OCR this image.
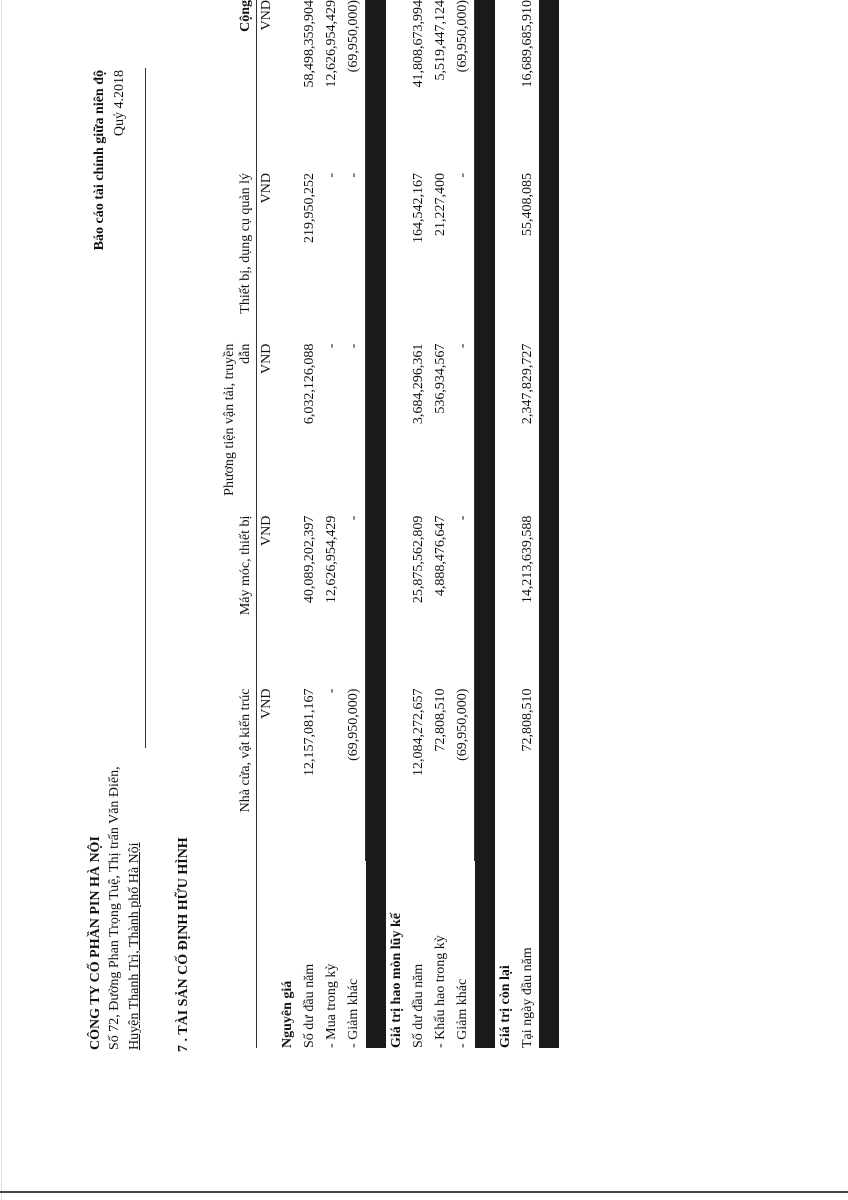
CÔNG TY CỔ PHẦN PIN HÀ NỘI Số 72, Đường Phan Trọng Tuệ, Thị trấn Văn Điển, Huyện Thanh Trì, Thành phố Hà Nội
Báo cáo tài chính giữa niên độ Quý 4.2018
7 . TÀI SẢN CỐ ĐỊNH HỮU HÌNH
	Nhà cửa, vật kiến trúc	Máy móc, thiết bị	Phương tiện vận tải, truyền dẫn	Thiết bị, dụng cụ quản lý	Cộng
	VND	VND	VND	VND	VND
Nguyên giá					
Số dư đầu năm	12,157,081,167	40,089,202,397	6,032,126,088	219,950,252	58,498,359,904
- Mua trong kỳ	-	12,626,954,429	-	-	12,626,954,429
- Giảm khác	(69,950,000)	-	-	-	(69,950,000)

Giá trị hao mòn lũy kế					
Số dư đầu năm	12,084,272,657	25,875,562,809	3,684,296,361	164,542,167	41,808,673,994
- Khấu hao trong kỳ	72,808,510	4,888,476,647	536,934,567	21,227,400	5,519,447,124
- Giảm khác	(69,950,000)	-	-	-	(69,950,000)

Giá trị còn lại					
Tại ngày đầu năm	72,808,510	14,213,639,588	2,347,829,727	55,408,085	16,689,685,910
